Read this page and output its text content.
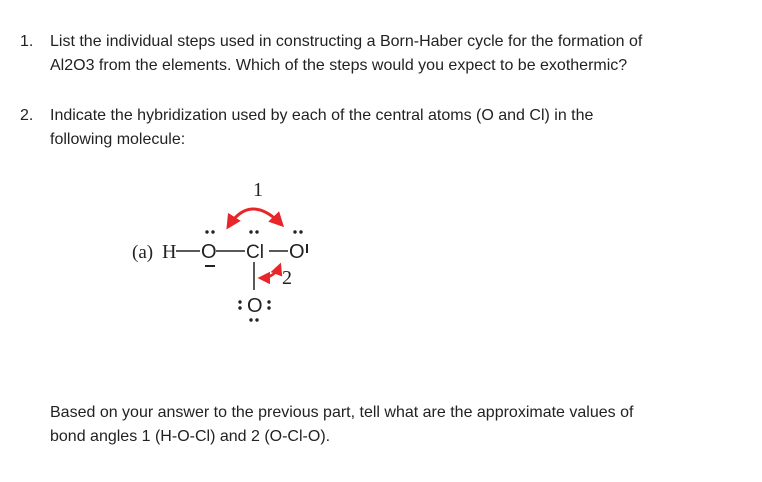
1.	List the individual steps used in constructing a Born-Haber cycle for the formation of
Al2O3 from the elements. Which of the steps would you expect to be exothermic?
2.	Indicate the hybridization used by each of the central atoms (O and Cl) in the
following molecule:
1
(a) H O Cl O
2
O
Based on your answer to the previous part, tell what are the approximate values of
bond angles 1 (H-O-Cl) and 2 (O-Cl-O).
